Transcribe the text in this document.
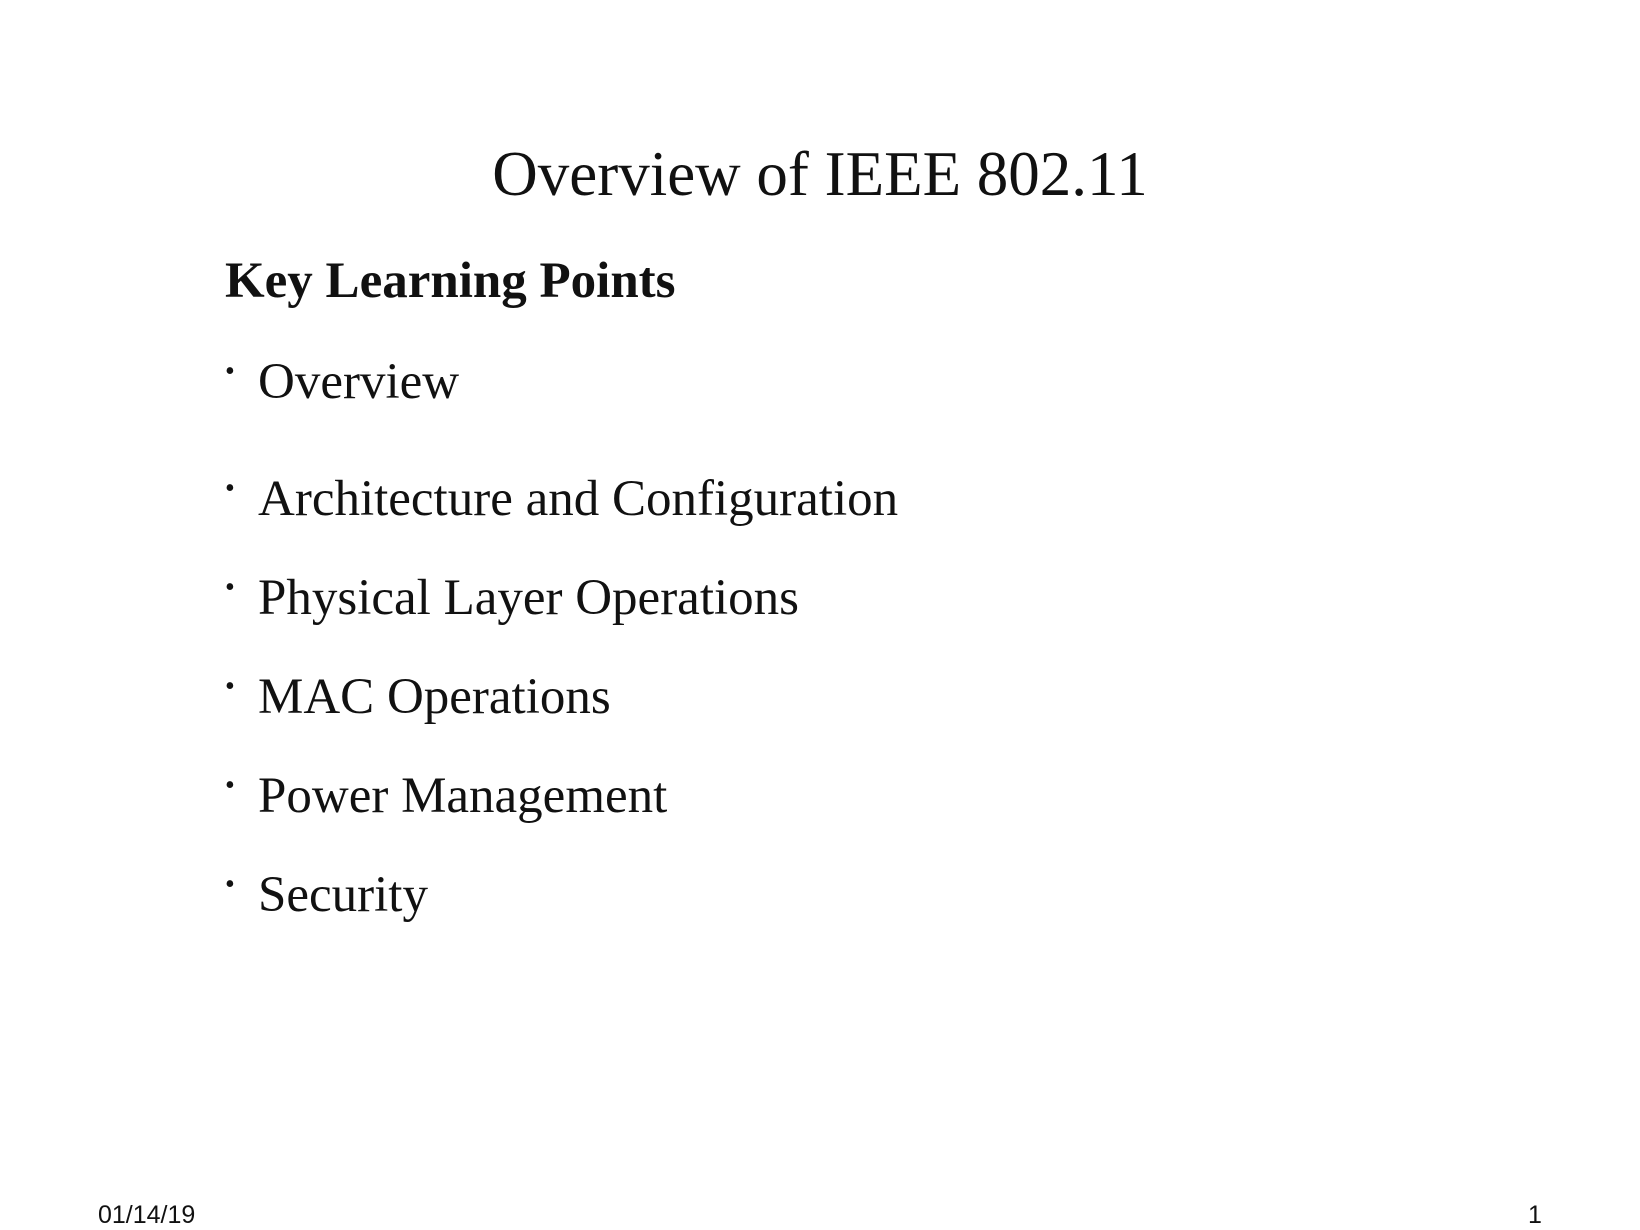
Overview of IEEE 802.11
Key Learning Points
• Overview
• Architecture and Configuration
• Physical Layer Operations
• MAC Operations
• Power Management
• Security
01/14/19	1
